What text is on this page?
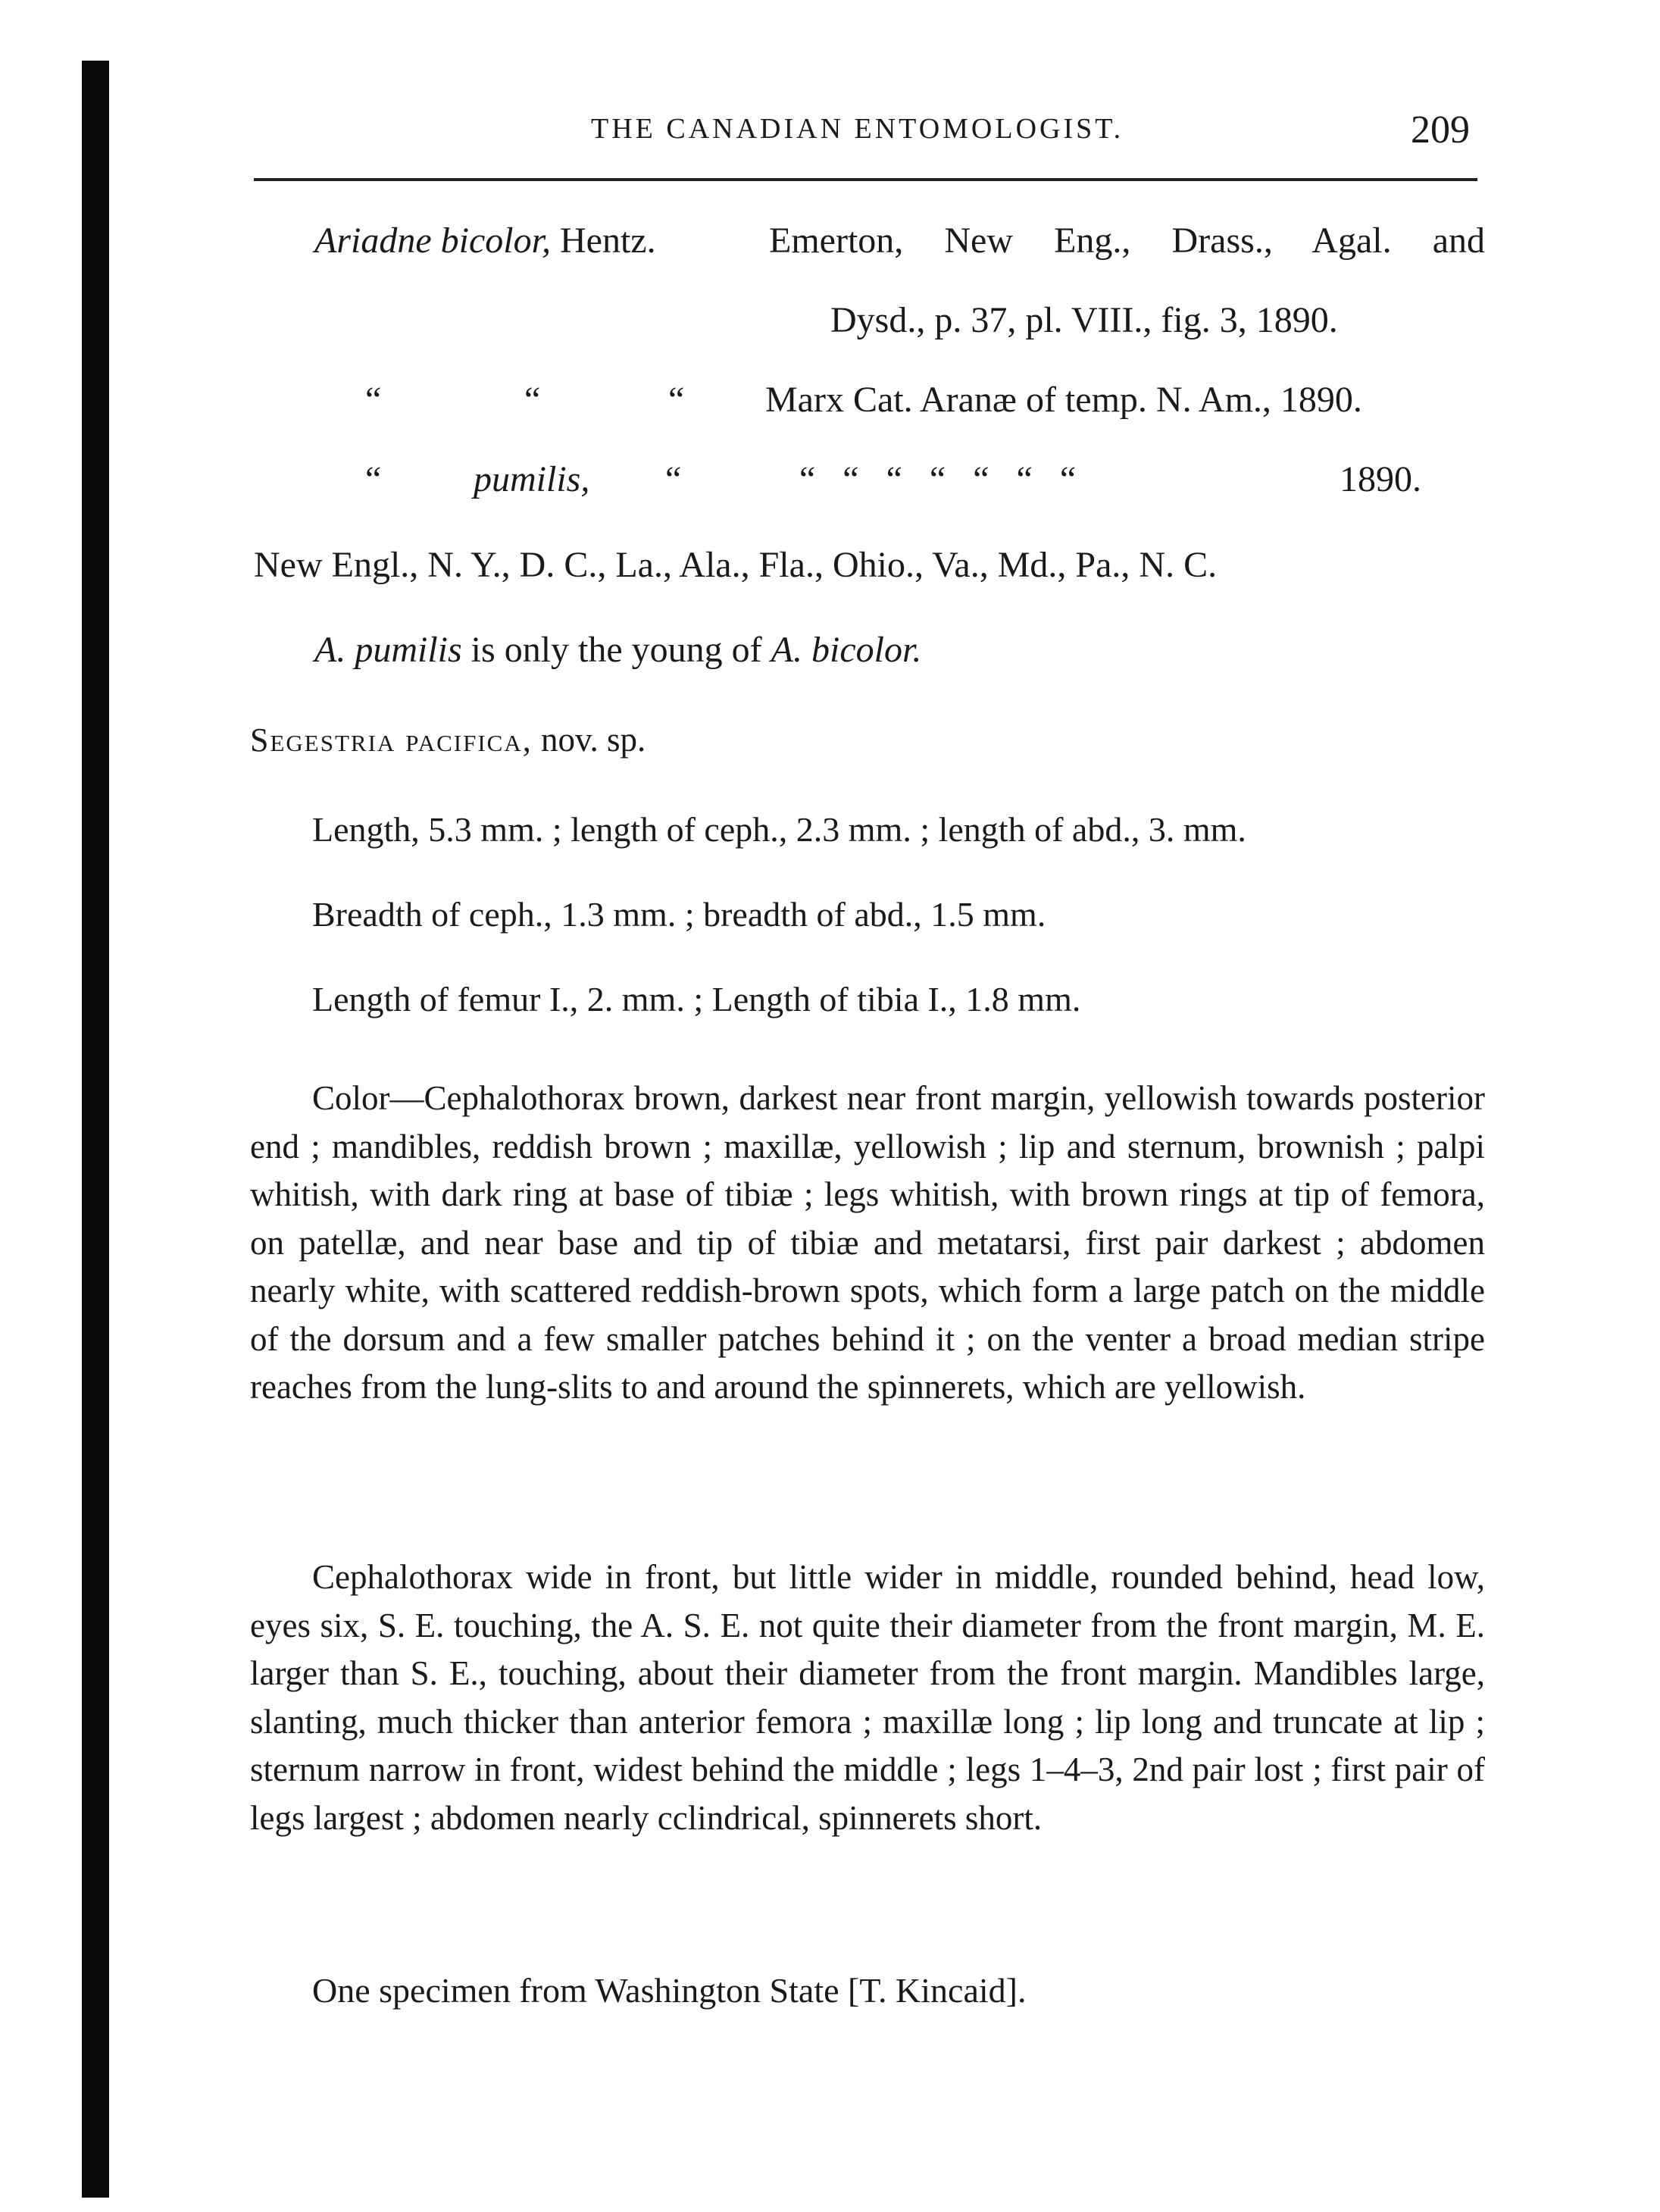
THE CANADIAN ENTOMOLOGIST.	209
Ariadne bicolor, Hentz.	Emerton, New Eng., Drass., Agal. and
Dysd., p. 37, pl. VIII., fig. 3, 1890.
“	“	“ Marx Cat. Aranæ of temp. N. Am., 1890.
“	pumilis, “	“   “   “   “   “   “   “	1890.
New Engl., N. Y., D. C., La., Ala., Fla., Ohio., Va., Md., Pa., N. C.
A. pumilis is only the young of A. bicolor.
Segestria pacifica, nov. sp.
Length, 5.3 mm. ; length of ceph., 2.3 mm. ; length of abd., 3. mm.
Breadth of ceph., 1.3 mm. ; breadth of abd., 1.5 mm.
Length of femur I., 2. mm. ; Length of tibia I., 1.8 mm.

Color—Cephalothorax brown, darkest near front margin, yellowish towards posterior end ; mandibles, reddish brown ; maxillæ, yellowish ; lip and sternum, brownish ; palpi whitish, with dark ring at base of tibiæ ; legs whitish, with brown rings at tip of femora, on patellæ, and near base and tip of tibiæ and metatarsi, first pair darkest ; abdomen nearly white, with scattered reddish-brown spots, which form a large patch on the middle of the dorsum and a few smaller patches behind it ; on the venter a broad median stripe reaches from the lung-slits to and around the spinnerets, which are yellowish.

Cephalothorax wide in front, but little wider in middle, rounded behind, head low, eyes six, S. E. touching, the A. S. E. not quite their diameter from the front margin, M. E. larger than S. E., touching, about their diameter from the front margin. Mandibles large, slanting, much thicker than anterior femora ; maxillæ long ; lip long and truncate at lip ; sternum narrow in front, widest behind the middle ; legs 1–4–3, 2nd pair lost ; first pair of legs largest ; abdomen nearly cclindrical, spinnerets short.

One specimen from Washington State [T. Kincaid].
